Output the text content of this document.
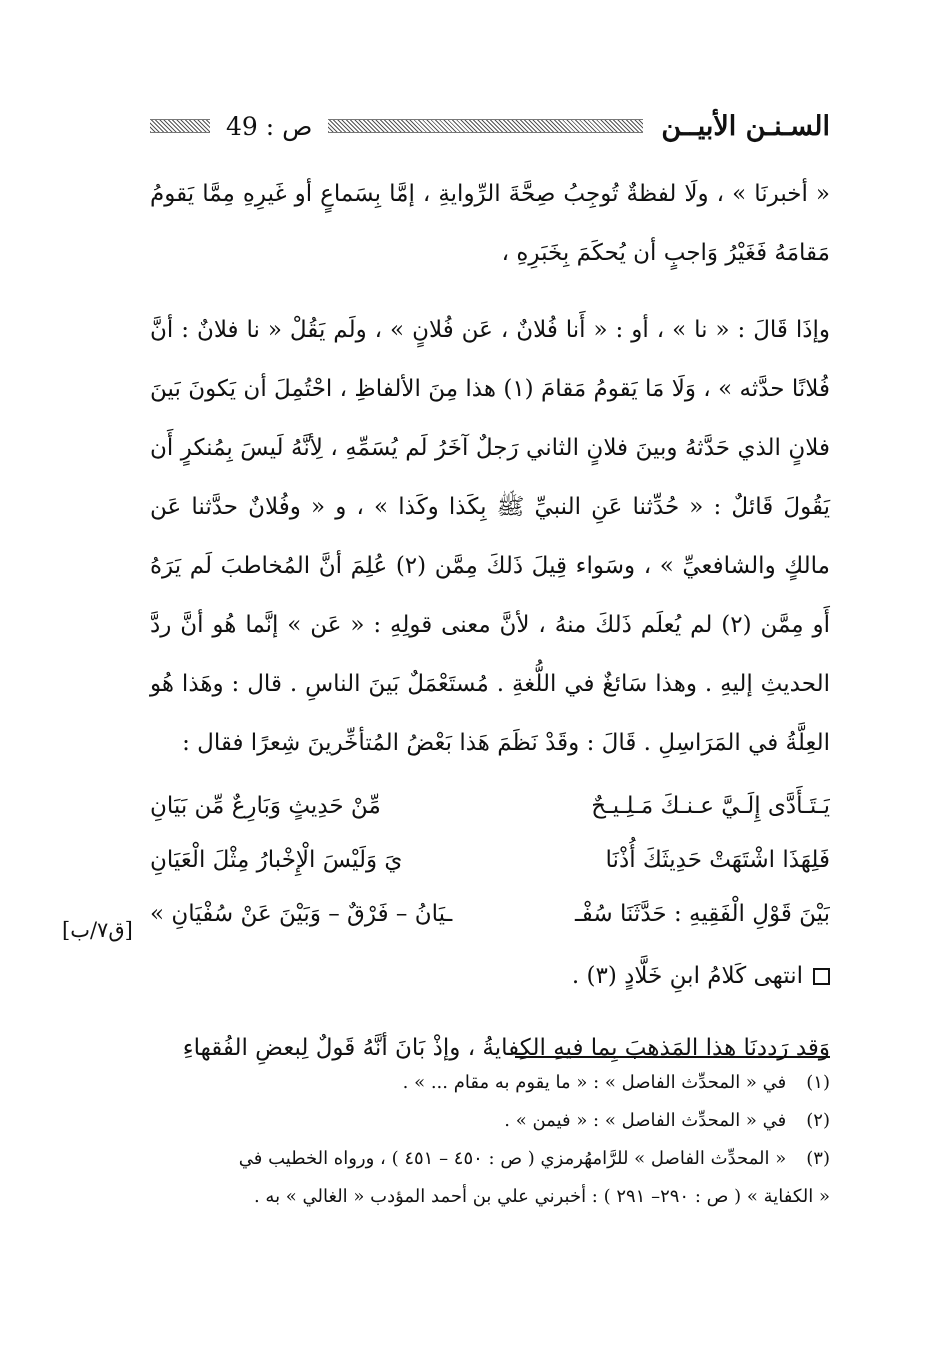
السـنـن الأبيــن
ص : 49

« أخبرنَا » ، ولَا لفظةٌ تُوجِبُ صِحَّةَ الرِّوايةِ ، إمَّا بِسَماعٍ أو غَيرِهِ مِمَّا يَقومُ مَقامَهُ فَغَيْرُ وَاجبٍ أن يُحكَمَ بِخَبَرِهِ ،

وإذَا قَالَ : « نا » ، أو : « أَنا فُلانٌ ، عَن فُلانٍ » ، ولَم يَقُلْ « نا فلانٌ : أنَّ فُلانًا حدَّثه » ، وَلَا مَا يَقومُ مَقامَ (١) هذا مِنَ الألفاظِ ، احْتُمِلَ أن يَكونَ بَينَ فلانٍ الذي حَدَّثهُ وبينَ فلانٍ الثاني رَجلٌ آخَرُ لَم يُسَمِّهِ ، لِأنَّهُ لَيسَ بِمُنكرٍ أَن يَقُولَ قَائلٌ : « حُدِّثنا عَنِ النبيِّ ﷺ بِكَذا وكَذا » ، و « وفُلانٌ حدَّثنا عَن مالكٍ والشافعيِّ » ، وسَواء قِيلَ ذَلكَ مِمَّن (٢) عُلِمَ أنَّ المُخاطبَ لَم يَرَهُ أَو مِمَّن (٢) لم يُعلَم ذَلكَ منهُ ، لأنَّ معنى قولِهِ : « عَن » إنَّما هُو أنَّ ردَّ الحديثِ إليهِ . وهذا سَائغٌ في اللُّغةِ . مُستَعْمَلٌ بَينَ الناسِ . قال : وهَذا هُو العِلَّةُ في المَرَاسِلِ . قَالَ : وقَدْ نَظَمَ هَذا بَعْضُ المُتأخِّرينَ شِعرًا فقال :

يَـتَـأَدَّى إِلَـيَّ عـنـكَ مَـلِـيـحٌ
مِّنْ حَدِيثٍ وَبَارِعٌ مِّن بَيَانِ
فَلِهَذَا اشْتَهَتْ حَدِيثَكَ أُذْنَا
يَ وَلَيْسَ الْإِخْبارُ مِثْلَ الْعَيَانِ
بَيْنَ قَوْلِ الْفَقِيهِ : حَدَّثَنَا سُفْـ
ـيَانُ – فَرْقٌ – وَبَيْنَ عَنْ سُفْيَانِ »
انتهى كَلامُ ابنِ خَلَّادٍ (٣) .

وَقد رَددنَا هذا المَذهبَ بِما فيهِ الكِفايةُ ، وإذْ بَانَ أنَّهُ قَولٌ لِبعضِ الفُقهاءِ

[ق٧/ب]

(١) في « المحدِّث الفاصل » : « ما يقوم به مقام ... » .

(٢) في « المحدِّث الفاصل » : « فيمن » .

(٣) « المحدِّث الفاصل » للرَّامهُرمزي ( ص : ٤٥٠ – ٤٥١ ) ، ورواه الخطيب في

« الكفاية » ( ص : ٢٩٠– ٢٩١ ) : أخبرني علي بن أحمد المؤدب « الغالي » به .
